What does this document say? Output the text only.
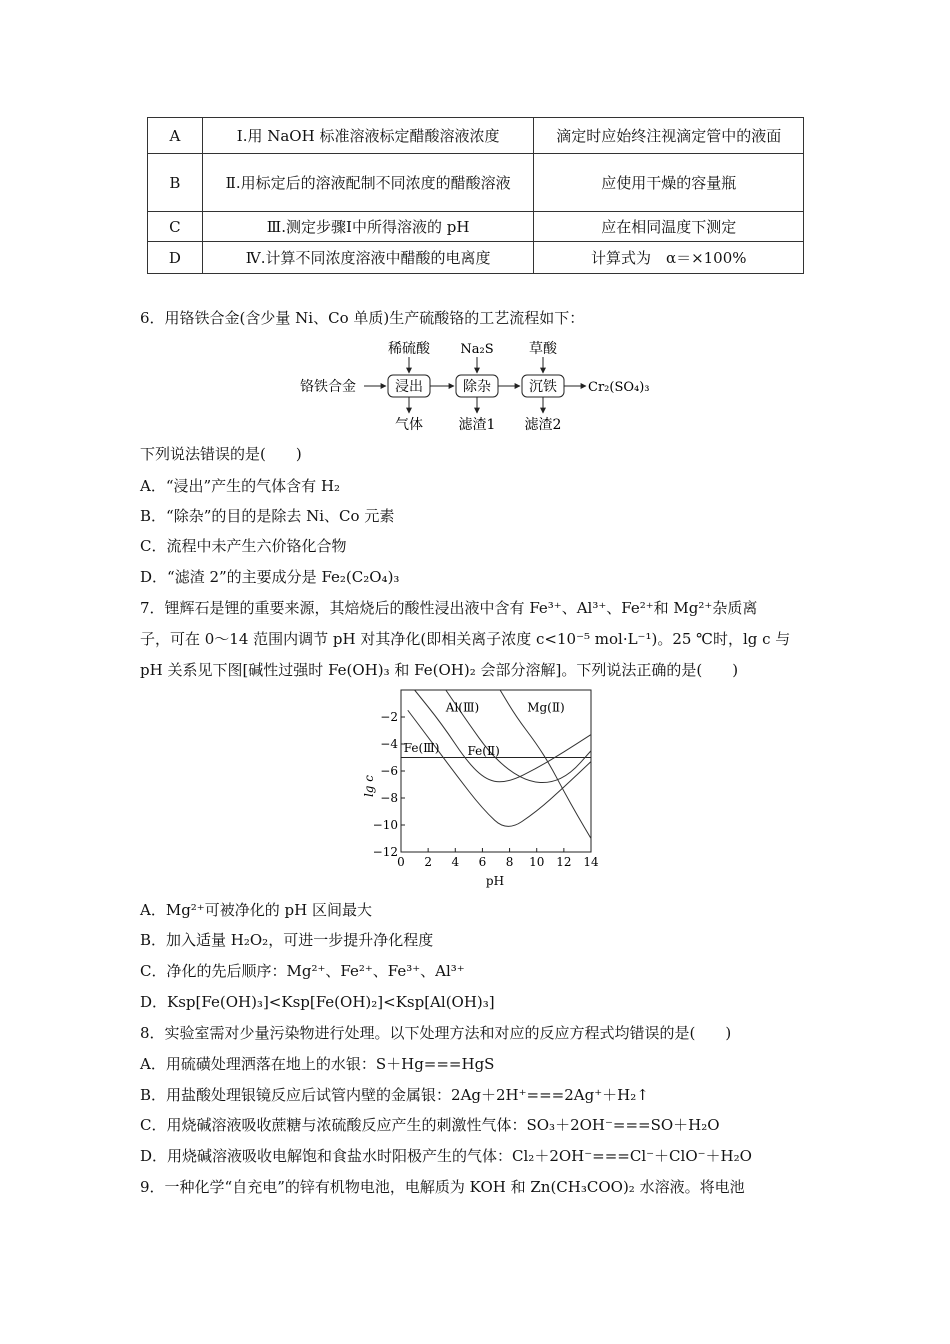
A	Ⅰ.用 NaOH 标准溶液标定醋酸溶液浓度	滴定时应始终注视滴定管中的液面
B	Ⅱ.用标定后的溶液配制不同浓度的醋酸溶液	应使用干燥的容量瓶
C	Ⅲ.测定步骤Ⅰ中所得溶液的 pH	应在相同温度下测定
D	Ⅳ.计算不同浓度溶液中醋酸的电离度	计算式为　α＝×100%
6．用铬铁合金(含少量 Ni、Co 单质)生产硫酸铬的工艺流程如下：
铬铁合金	浸出	除杂	沉铁 Cr₂(SO₄)₃
稀硫酸 Na₂S	草酸
气体	滤渣1 滤渣2
下列说法错误的是(　　)
A．“浸出”产生的气体含有 H₂
B．“除杂”的目的是除去 Ni、Co 元素
C．流程中未产生六价铬化合物
D．“滤渣 2”的主要成分是 Fe₂(C₂O₄)₃
7．锂辉石是锂的重要来源，其焙烧后的酸性浸出液中含有 Fe³⁺、Al³⁺、Fe²⁺和 Mg²⁺杂质离
子，可在 0～14 范围内调节 pH 对其净化(即相关离子浓度 c<10⁻⁵ mol·L⁻¹)。25 ℃时，lg c 与
pH 关系见下图[碱性过强时 Fe(OH)₃ 和 Fe(OH)₂ 会部分溶解]。下列说法正确的是(　　)
0 2 4 6 8 10 12 14
−2
−4
−6
−8
−10
−12
Fe(Ⅲ)
Al(Ⅲ)
Fe(Ⅱ)
Mg(Ⅱ)
lg c
pH
A．Mg²⁺可被净化的 pH 区间最大
B．加入适量 H₂O₂，可进一步提升净化程度
C．净化的先后顺序：Mg²⁺、Fe²⁺、Fe³⁺、Al³⁺
D．Ksp[Fe(OH)₃]<Ksp[Fe(OH)₂]<Ksp[Al(OH)₃]
8．实验室需对少量污染物进行处理。以下处理方法和对应的反应方程式均错误的是(　　)
A．用硫磺处理洒落在地上的水银：S＋Hg===HgS
B．用盐酸处理银镜反应后试管内壁的金属银：2Ag＋2H⁺===2Ag⁺＋H₂↑
C．用烧碱溶液吸收蔗糖与浓硫酸反应产生的刺激性气体：SO₃＋2OH⁻===SO＋H₂O
D．用烧碱溶液吸收电解饱和食盐水时阳极产生的气体：Cl₂＋2OH⁻===Cl⁻＋ClO⁻＋H₂O
9．一种化学“自充电”的锌有机物电池，电解质为 KOH 和 Zn(CH₃COO)₂ 水溶液。将电池
